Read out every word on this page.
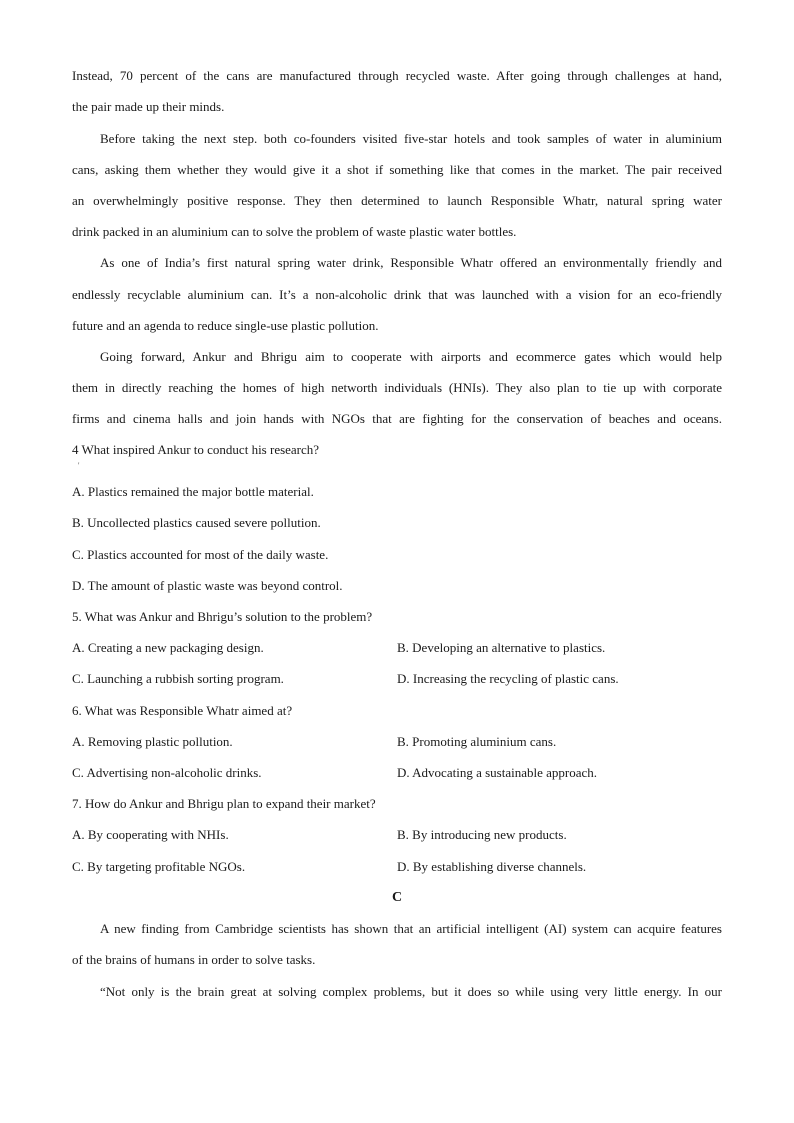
Instead, 70 percent of the cans are manufactured through recycled waste. After going through challenges at hand,
the pair made up their minds.
Before taking the next step. both co-founders visited five-star hotels and took samples of water in aluminium
cans, asking them whether they would give it a shot if something like that comes in the market. The pair received
an overwhelmingly positive response. They then determined to launch Responsible Whatr, natural spring water
drink packed in an aluminium can to solve the problem of waste plastic water bottles.
As one of India’s first natural spring water drink, Responsible Whatr offered an environmentally friendly and
endlessly recyclable aluminium can. It’s a non-alcoholic drink that was launched with a vision for an eco-friendly
future and an agenda to reduce single-use plastic pollution.
Going forward, Ankur and Bhrigu aim to cooperate with airports and ecommerce gates which would help
them in directly reaching the homes of high networth individuals (HNIs). They also plan to tie up with corporate
firms and cinema halls and join hands with NGOs that are fighting for the conservation of beaches and oceans.
4 What inspired Ankur to conduct his research?
'
A. Plastics remained the major bottle material.
B. Uncollected plastics caused severe pollution.
C. Plastics accounted for most of the daily waste.
D. The amount of plastic waste was beyond control.
5. What was Ankur and Bhrigu’s solution to the problem?
A. Creating a new packaging design.	B. Developing an alternative to plastics.
C. Launching a rubbish sorting program.	D. Increasing the recycling of plastic cans.
6. What was Responsible Whatr aimed at?
A. Removing plastic pollution.	B. Promoting aluminium cans.
C. Advertising non-alcoholic drinks.	D. Advocating a sustainable approach.
7. How do Ankur and Bhrigu plan to expand their market?
A. By cooperating with NHIs.	B. By introducing new products.
C. By targeting profitable NGOs.	D. By establishing diverse channels.
C
A new finding from Cambridge scientists has shown that an artificial intelligent (AI) system can acquire features
of the brains of humans in order to solve tasks.
“Not only is the brain great at solving complex problems, but it does so while using very little energy. In our
